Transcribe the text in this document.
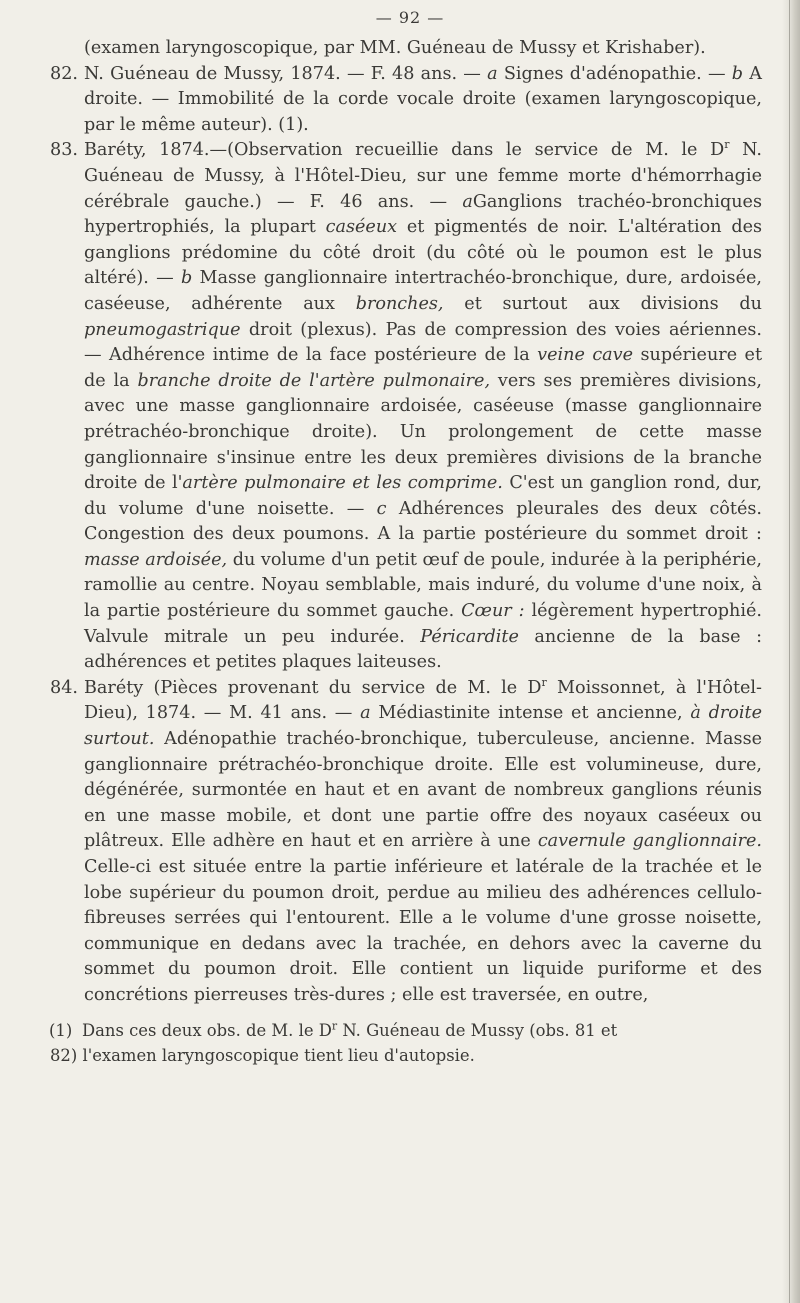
— 92 —

(examen laryngoscopique, par MM. Guéneau de Mussy et Krishaber).

82. N. Guéneau de Mussy, 1874. — F. 48 ans. — a Signes d'adénopathie. — b A droite. — Immobilité de la corde vocale droite (examen laryngoscopique, par le même auteur). (1).
83. Baréty, 1874.—(Observation recueillie dans le service de M. le $D^r$ N. Guéneau de Mussy, à l'Hôtel-Dieu, sur une femme morte d'hémorrhagie cérébrale gauche.) — F. 46 ans. — aGanglions trachéo-bronchiques hypertrophiés, la plupart caséeux et pigmentés de noir. L'altération des ganglions prédomine du côté droit (du côté où le poumon est le plus altéré). — b Masse ganglionnaire intertrachéo-bronchique, dure, ardoisée, caséeuse, adhérente aux bronches, et surtout aux divisions du pneumogastrique droit (plexus). Pas de compression des voies aériennes. — Adhérence intime de la face postérieure de la veine cave supérieure et de la branche droite de l'artère pulmonaire, vers ses premières divisions, avec une masse ganglionnaire ardoisée, caséeuse (masse ganglionnaire prétrachéo-bronchique droite). Un prolongement de cette masse ganglionnaire s'insinue entre les deux premières divisions de la branche droite de l'artère pulmonaire et les comprime. C'est un ganglion rond, dur, du volume d'une noisette. — c Adhérences pleurales des deux côtés. Congestion des deux poumons. A la partie postérieure du sommet droit : masse ardoisée, du volume d'un petit œuf de poule, indurée à la periphérie, ramollie au centre. Noyau semblable, mais induré, du volume d'une noix, à la partie postérieure du sommet gauche. Cœur : légèrement hypertrophié. Valvule mitrale un peu indurée. Péricardite ancienne de la base : adhérences et petites plaques laiteuses.
84. Baréty (Pièces provenant du service de M. le $D^r$ Moissonnet, à l'Hôtel-Dieu), 1874. — M. 41 ans. — a Médiastinite intense et ancienne, à droite surtout. Adénopathie trachéo-bronchique, tuberculeuse, ancienne. Masse ganglionnaire prétrachéo-bronchique droite. Elle est volumineuse, dure, dégénérée, surmontée en haut et en avant de nombreux ganglions réunis en une masse mobile, et dont une partie offre des noyaux caséeux ou plâtreux. Elle adhère en haut et en arrière à une cavernule ganglionnaire. Celle-ci est située entre la partie inférieure et latérale de la trachée et le lobe supérieur du poumon droit, perdue au milieu des adhérences cellulo-fibreuses serrées qui l'entourent. Elle a le volume d'une grosse noisette, communique en dedans avec la trachée, en dehors avec la caverne du sommet du poumon droit. Elle contient un liquide puriforme et des concrétions pierreuses très-dures ; elle est traversée, en outre,
(1) Dans ces deux obs. de M. le $D^r$ N. Guéneau de Mussy (obs. 81 et
82) l'examen laryngoscopique tient lieu d'autopsie.
